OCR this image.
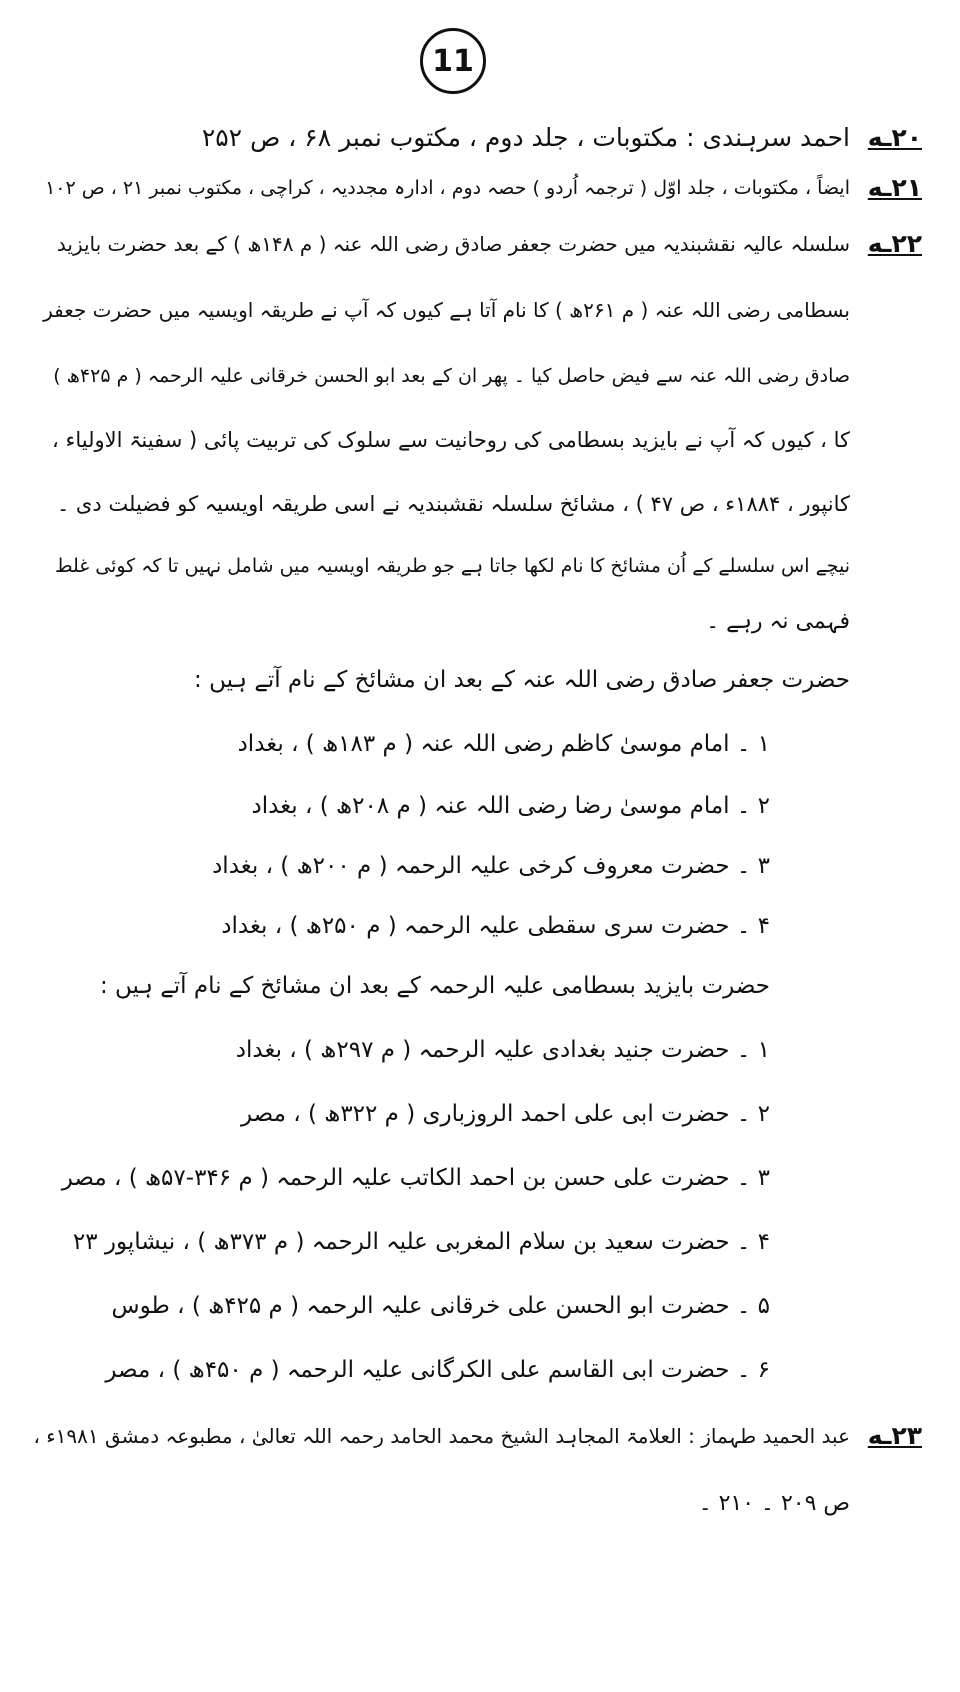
11
۲۰ـه
احمد سرہندی : مکتوبات ، جلد دوم ، مکتوب نمبر ۶۸ ، ص ۲۵۲
۲۱ـه
ایضاً ، مکتوبات ، جلد اوّل ( ترجمہ اُردو ) حصہ دوم ، ادارہ مجددیہ ، کراچی ، مکتوب نمبر ۲۱ ، ص ۱۰۲
۲۲ـه
سلسلہ عالیہ نقشبندیہ میں حضرت جعفر صادق رضی اللہ عنہ ( م ۱۴۸ھ ) کے بعد حضرت بایزید
بسطامی رضی اللہ عنہ ( م ۲۶۱ھ ) کا نام آتا ہے کیوں کہ آپ نے طریقہ اویسیہ میں حضرت جعفر
صادق رضی اللہ عنہ سے فیض حاصل کیا ۔ پھر ان کے بعد ابو الحسن خرقانی علیہ الرحمہ ( م ۴۲۵ھ )
کا ، کیوں کہ آپ نے بایزید بسطامی کی روحانیت سے سلوک کی تربیت پائی ( سفینۃ الاولیاء ،
کانپور ، ۱۸۸۴ء ، ص ۴۷ ) ، مشائخ سلسلہ نقشبندیہ نے اسی طریقہ اویسیہ کو فضیلت دی ۔
نیچے اس سلسلے کے اُن مشائخ کا نام لکھا جاتا ہے جو طریقہ اویسیہ میں شامل نہیں تا کہ کوئی غلط
فہمی نہ رہے ۔
حضرت جعفر صادق رضی اللہ عنہ کے بعد ان مشائخ کے نام آتے ہیں :
۱ ۔ امام موسیٰ کاظم رضی اللہ عنہ ( م ۱۸۳ھ ) ، بغداد
۲ ۔ امام موسیٰ رضا رضی اللہ عنہ ( م ۲۰۸ھ ) ، بغداد
۳ ۔ حضرت معروف کرخی علیہ الرحمہ ( م ۲۰۰ھ ) ، بغداد
۴ ۔ حضرت سری سقطی علیہ الرحمہ ( م ۲۵۰ھ ) ، بغداد
حضرت بایزید بسطامی علیہ الرحمہ کے بعد ان مشائخ کے نام آتے ہیں :
۱ ۔ حضرت جنید بغدادی علیہ الرحمہ ( م ۲۹۷ھ ) ، بغداد
۲ ۔ حضرت ابی علی احمد الروزباری ( م ۳۲۲ھ ) ، مصر
۳ ۔ حضرت علی حسن بن احمد الکاتب علیہ الرحمہ ( م ۳۴۶-۵۷ھ ) ، مصر
۴ ۔ حضرت سعید بن سلام المغربی علیہ الرحمہ ( م ۳۷۳ھ ) ، نیشاپور ۲۳
۵ ۔ حضرت ابو الحسن علی خرقانی علیہ الرحمہ ( م ۴۲۵ھ ) ، طوس
۶ ۔ حضرت ابی القاسم علی الکرگانی علیہ الرحمہ ( م ۴۵۰ھ ) ، مصر
۲۳ـه
عبد الحمید طہماز : العلامۃ المجاہد الشیخ محمد الحامد رحمہ اللہ تعالیٰ ، مطبوعہ دمشق ۱۹۸۱ء ،
ص ۲۰۹ ۔ ۲۱۰ ۔
